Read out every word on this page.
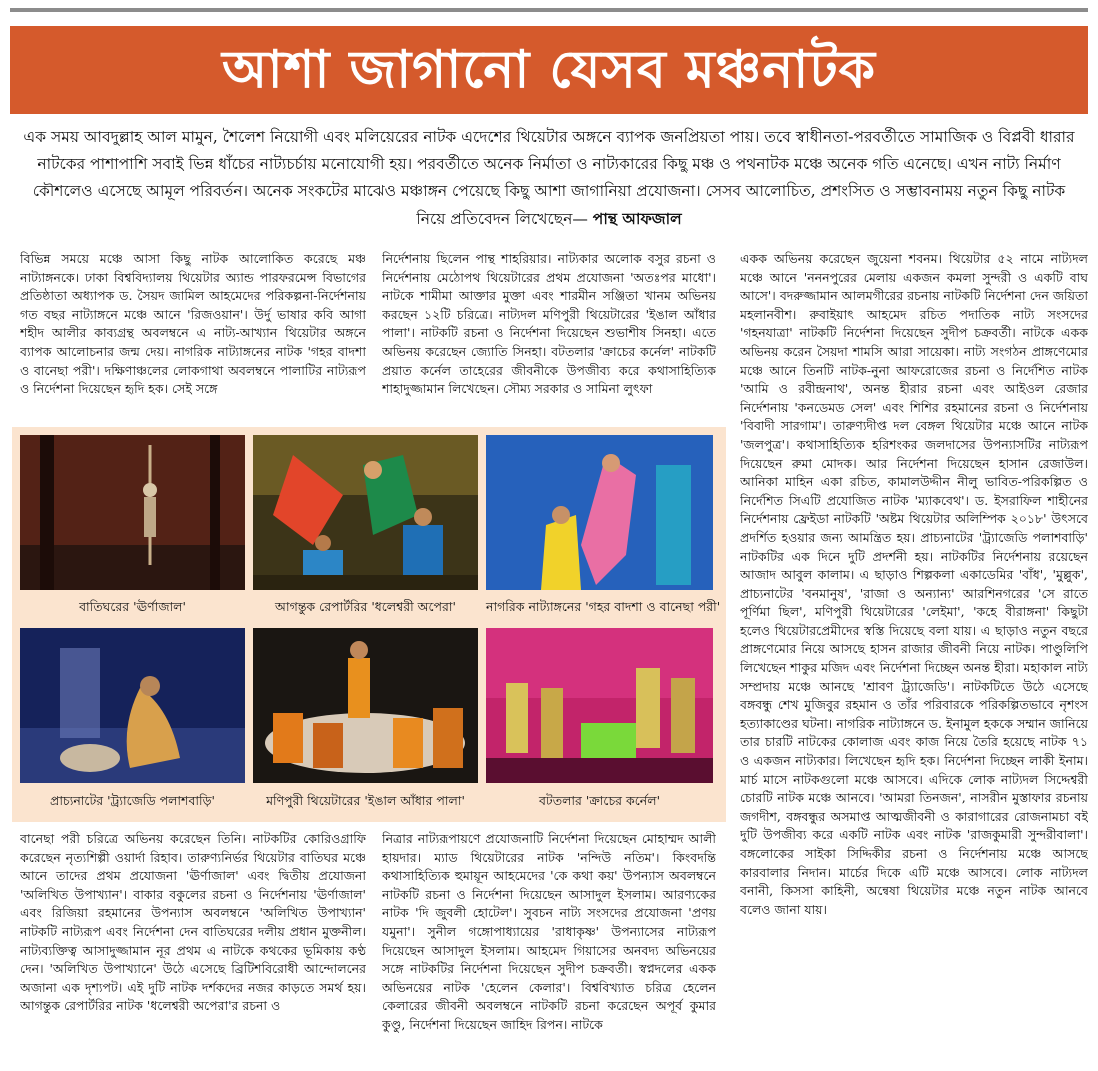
আশা জাগানো যেসব মঞ্চনাটক
এক সময় আবদুল্লাহ আল মামুন, শৈলেশ নিয়োগী এবং মলিয়েরের নাটক এদেশের থিয়েটার অঙ্গনে ব্যাপক জনপ্রিয়তা পায়। তবে স্বাধীনতা-পরবর্তীতে সামাজিক ও বিপ্লবী ধারার নাটকের পাশাপাশি সবাই ভিন্ন ধাঁচের নাট্যচর্চায় মনোযোগী হয়। পরবর্তীতে অনেক নির্মাতা ও নাট্যকারের কিছু মঞ্চ ও পথনাটক মঞ্চে অনেক গতি এনেছে। এখন নাট্য নির্মাণ কৌশলেও এসেছে আমূল পরিবর্তন। অনেক সংকটের মাঝেও মঞ্চাঙ্গন পেয়েছে কিছু আশা জাগানিয়া প্রযোজনা। সেসব আলোচিত, প্রশংসিত ও সম্ভাবনাময় নতুন কিছু নাটক নিয়ে প্রতিবেদন লিখেছেন— পান্থ আফজাল

বিভিন্ন সময়ে মঞ্চে আসা কিছু নাটক আলোকিত করেছে মঞ্চ নাট্যাঙ্গনকে। ঢাকা বিশ্ববিদ্যালয় থিয়েটার অ্যান্ড পারফরমেন্স বিভাগের প্রতিষ্ঠাতা অধ্যাপক ড. সৈয়দ জামিল আহমেদের পরিকল্পনা-নির্দেশনায় গত বছর নাট্যাঙ্গনে মঞ্চে আনে 'রিজওয়ান'। উর্দু ভাষার কবি আগা শহীদ আলীর কাব্যগ্রন্থ অবলম্বনে এ নাট্য-আখ্যান থিয়েটার অঙ্গনে ব্যাপক আলোচনার জন্ম দেয়। নাগরিক নাট্যাঙ্গনের নাটক 'গহর বাদশা ও বানেছা পরী'। দক্ষিণাঞ্চলের লোকগাথা অবলম্বনে পালাটির নাট্যরূপ ও নির্দেশনা দিয়েছেন হৃদি হক। সেই সঙ্গে

নির্দেশনায় ছিলেন পান্থ শাহরিয়ার। নাট্যকার অলোক বসুর রচনা ও নির্দেশনায় মেঠোপথ থিয়েটারের প্রথম প্রযোজনা 'অতঃপর মাধো'। নাটকে শামীমা আক্তার মুক্তা এবং শারমীন সঞ্জিতা খানম অভিনয় করছেন ১২টি চরিত্রে। নাট্যদল মণিপুরী থিয়েটারের 'ইঙাল আঁধার পালা'। নাটকটি রচনা ও নির্দেশনা দিয়েছেন শুভাশীষ সিনহা। এতে অভিনয় করেছেন জ্যোতি সিনহা। বটতলার 'ক্রাচের কর্নেল' নাটকটি প্রয়াত কর্নেল তাহেরের জীবনীকে উপজীব্য করে কথাসাহিত্যিক শাহাদুজ্জামান লিখেছেন। সৌম্য সরকার ও সামিনা লুৎফা

একক অভিনয় করেছেন জুয়েনা শবনম। থিয়েটার ৫২ নামে নাট্যদল মঞ্চে আনে 'নননপুরের মেলায় একজন কমলা সুন্দরী ও একটি বাঘ আসে'। বদরুজ্জামান আলমগীরের রচনায় নাটকটি নির্দেশনা দেন জয়িতা মহলানবীশ। রুবাইয়াৎ আহমেদ রচিত পদাতিক নাট্য সংসদের 'গহনযাত্রা' নাটকটি নির্দেশনা দিয়েছেন সুদীপ চক্রবর্তী। নাটকে একক অভিনয় করেন সৈয়দা শামসি আরা সায়েকা। নাট্য সংগঠন প্রাঙ্গণেমোর মঞ্চে আনে তিনটি নাটক-নুনা আফরোজের রচনা ও নির্দেশিত নাটক 'আমি ও রবীন্দ্রনাথ', অনন্ত হীরার রচনা এবং আইওল রেজার নির্দেশনায় 'কনডেমড সেল' এবং শিশির রহমানের রচনা ও নির্দেশনায় 'বিবাদী সারগাম'। তারুণ্যদীপ্ত দল বেঙ্গল থিয়েটার মঞ্চে আনে নাটক 'জলপুত্র'। কথাসাহিত্যিক হরিশংকর জলদাসের উপন্যাসটির নাট্যরূপ দিয়েছেন রুমা মোদক। আর নির্দেশনা দিয়েছেন হাসান রেজাউল। আনিকা মাহিন একা রচিত, কামালউদ্দীন নীলু ভাবিত-পরিকল্পিত ও নির্দেশিত সিএটি প্রযোজিত নাটক 'ম্যাকবেথ'। ড. ইসরাফিল শাহীনের নির্দেশনায় ফ্রেইডা নাটকটি 'অষ্টম থিয়েটার অলিম্পিক ২০১৮' উৎসবে প্রদর্শিত হওয়ার জন্য আমন্ত্রিত হয়। প্রাচ্যনাটের 'ট্র্যাজেডি পলাশবাড়ি' নাটকটির এক দিনে দুটি প্রদর্শনী হয়। নাটকটির নির্দেশনায় রয়েছেন আজাদ আবুল কালাম। এ ছাড়াও শিল্পকলা একাডেমির 'বাঁধ', 'মুল্লুক', প্রাচ্যনাটের 'বনমানুষ', 'রাজা ও অন্যান্য' আরশিনগরের 'সে রাতে পূর্ণিমা ছিল', মণিপুরী থিয়েটারের 'লেইমা', 'কহে বীরাঙ্গনা' কিছুটা হলেও থিয়েটারপ্রেমীদের স্বস্তি দিয়েছে বলা যায়। এ ছাড়াও নতুন বছরে প্রাঙ্গণেমোর নিয়ে আসছে হাসন রাজার জীবনী নিয়ে নাটক। পাণ্ডুলিপি লিখেছেন শাকুর মজিদ এবং নির্দেশনা দিচ্ছেন অনন্ত হীরা। মহাকাল নাট্য সম্প্রদায় মঞ্চে আনছে 'শ্রাবণ ট্র্যাজেডি'। নাটকটিতে উঠে এসেছে বঙ্গবন্ধু শেখ মুজিবুর রহমান ও তাঁর পরিবারকে পরিকল্পিতভাবে নৃশংস হত্যাকাণ্ডের ঘটনা। নাগরিক নাট্যাঙ্গনে ড. ইনামুল হককে সম্মান জানিয়ে তার চারটি নাটকের কোলাজ এবং কাজ নিয়ে তৈরি হয়েছে নাটক ৭১ ও একজন নাট্যকার। লিখেছেন হৃদি হক। নির্দেশনা দিচ্ছেন লাকী ইনাম। মার্চ মাসে নাটকগুলো মঞ্চে আসবে। এদিকে লোক নাট্যদল সিদ্দেশ্বরী চোরটি নাটক মঞ্চে আনবে। 'আমরা তিনজন', নাসরীন মুস্তাফার রচনায় জগদীশ, বঙ্গবন্ধুর অসমাপ্ত আত্মজীবনী ও কারাগারের রোজনামচা বই দুটি উপজীব্য করে একটি নাটক এবং নাটক 'রাজকুমারী সুন্দরীবালা'। বঙ্গলোকের সাইকা সিদ্দিকীর রচনা ও নির্দেশনায় মঞ্চে আসছে কারবালার নিদান। মার্চের দিকে এটি মঞ্চে আসবে। লোক নাট্যদল বনানী, কিসসা কাহিনী, অন্বেষা থিয়েটার মঞ্চে নতুন নাটক আনবে বলেও জানা যায়।

বাতিঘরের 'ঊর্ণাজাল'	আগন্তুক রেপার্টরির 'ধলেশ্বরী অপেরা'	নাগরিক নাট্যাঙ্গনের 'গহর বাদশা ও বানেছা পরী'
প্রাচ্যনাটের 'ট্র্যাজেডি পলাশবাড়ি'	মণিপুরী থিয়েটারের 'ইঙাল আঁধার পালা'	বটতলার 'ক্রাচের কর্নেল'

বানেছা পরী চরিত্রে অভিনয় করেছেন তিনি। নাটকটির কোরিওগ্রাফি করেছেন নৃত্যশিল্পী ওয়ার্দা রিহাব। তারুণ্যনির্ভর থিয়েটার বাতিঘর মঞ্চে আনে তাদের প্রথম প্রযোজনা 'ঊর্ণাজাল' এবং দ্বিতীয় প্রযোজনা 'অলিখিত উপাখ্যান'। বাকার বকুলের রচনা ও নির্দেশনায় 'ঊর্ণাজাল' এবং রিজিয়া রহমানের উপন্যাস অবলম্বনে 'অলিখিত উপাখ্যান' নাটকটি নাট্যরূপ এবং নির্দেশনা দেন বাতিঘরের দলীয় প্রধান মুক্তনীল। নাট্যব্যক্তিত্ব আসাদুজ্জামান নূর প্রথম এ নাটকে কথকের ভূমিকায় কণ্ঠ দেন। 'অলিখিত উপাখ্যানে' উঠে এসেছে ব্রিটিশবিরোধী আন্দোলনের অজানা এক দৃশ্যপট। এই দুটি নাটক দর্শকদের নজর কাড়তে সমর্থ হয়। আগন্তুক রেপার্টরির নাটক 'ধলেশ্বরী অপেরা'র রচনা ও

নিত্রার নাট্যরূপায়ণে প্রযোজনাটি নির্দেশনা দিয়েছেন মোহাম্মদ আলী হায়দার। ম্যাড থিয়েটারের নাটক 'নন্দিউ নতিম'। কিংবদন্তি কথাসাহিত্যিক হুমায়ূন আহমেদের 'কে কথা কয়' উপন্যাস অবলম্বনে নাটকটি রচনা ও নির্দেশনা দিয়েছেন আসাদুল ইসলাম। আরণ্যকের নাটক 'দি জুবলী হোটেল'। সুবচন নাট্য সংসদের প্রযোজনা 'প্রণয় যমুনা'। সুনীল গঙ্গোপাধ্যায়ের 'রাধাকৃষ্ণ' উপন্যাসের নাট্যরূপ দিয়েছেন আসাদুল ইসলাম। আহমেদ গিয়াসের অনবদ্য অভিনয়ের সঙ্গে নাটকটির নির্দেশনা দিয়েছেন সুদীপ চক্রবর্তী। স্বপ্নদলের একক অভিনয়ের নাটক 'হেলেন কেলার'। বিশ্ববিখ্যাত চরিত্র হেলেন কেলারের জীবনী অবলম্বনে নাটকটি রচনা করেছেন অপূর্ব কুমার কুণ্ডু, নির্দেশনা দিয়েছেন জাহিদ রিপন। নাটকে
